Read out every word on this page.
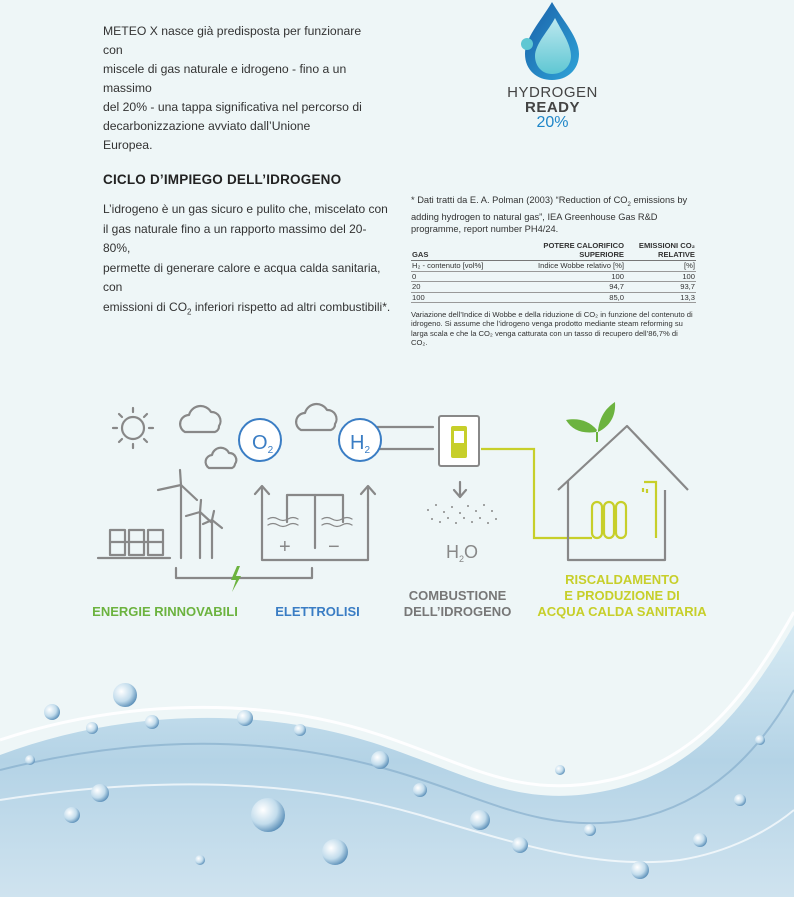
METEO X nasce già predisposta per funzionare con
miscele di gas naturale e idrogeno - fino a un massimo
del 20% - una tappa significativa nel percorso di
decarbonizzazione avviato dall’Unione Europea.
HYDROGEN
READY
20%
CICLO D’IMPIEGO DELL’IDROGENO
L’idrogeno è un gas sicuro e pulito che, miscelato con
il gas naturale fino a un rapporto massimo del 20-80%,
permette di generare calore e acqua calda sanitaria, con
emissioni di $CO_2$ inferiori rispetto ad altri combustibili*.
* Dati tratti da E. A. Polman (2003) “Reduction of $CO_2$ emissions by adding hydrogen to natural gas”, IEA Greenhouse Gas R&D programme, report number PH4/24.
GAS	POTERE CALORIFICO SUPERIORE	EMISSIONI CO₂ RELATIVE
H₂ - contenuto [vol%]	Indice Wobbe relativo [%]	[%]
0	100	100
20	94,7	93,7
100	85,0	13,3
Variazione dell’Indice di Wobbe e della riduzione di CO₂ in funzione del contenuto di idrogeno. Si assume che l’idrogeno venga prodotto mediante steam reforming su larga scala e che la CO₂ venga catturata con un tasso di recupero dell’86,7% di CO₂.
$O_2$	$H_2$
+ −	$H_2O$
ENERGIE RINNOVABILI	ELETTROLISI
COMBUSTIONE
DELL’IDROGENO
RISCALDAMENTO
E PRODUZIONE DI
ACQUA CALDA SANITARIA
